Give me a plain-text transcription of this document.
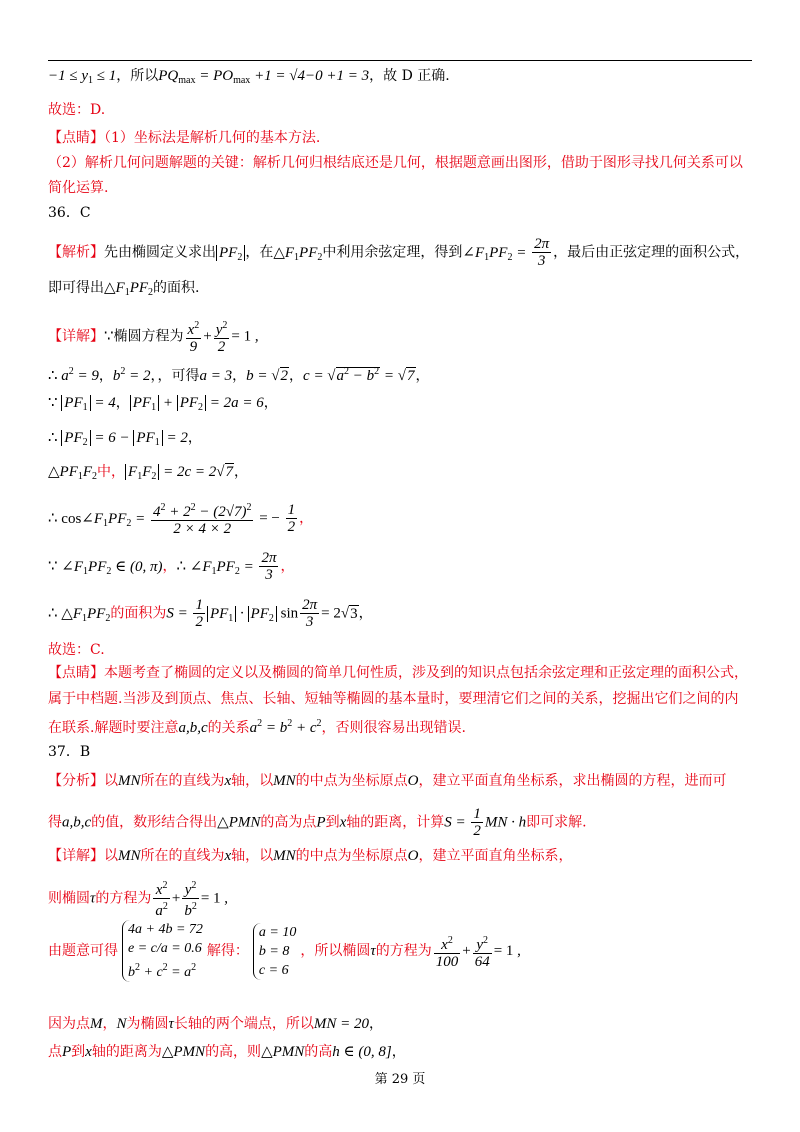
$-1 \le y_1 \le 1$，所以$PQ_{max} = PO_{max} +1 = √4-0 +1 = 3$，故 D 正确.
故选：D.
【点睛】（1）坐标法是解析几何的基本方法.
（2）解析几何问题解题的关键：解析几何归根结底还是几何，根据题意画出图形，借助于图形寻找几何关系可以
简化运算.
36．C
【解析】先由椭圆定义求出 $PF_2$ ，在$\triangle F_1PF_2$中利用余弦定理，得到$\angle F_1PF_2 = \frac{2\pi}{3}$ ，最后由正弦定理的面积公式，
即可得出$\triangle F_1PF_2$的面积.
【详解】∵椭圆方程为 $\frac{x^2}{9} + \frac{y^2}{2} = 1$ ,
∴ $a^2 = 9$，$b^2 = 2$，，可得a = 3，b = √2，$c = √a^2 - b^2 = √7$，
∵ $PF_1 = 4$， $PF_1 + PF_2 = 2a = 6$，
∴ $PF_2 = 6 - PF_1 = 2$，
$\triangle PF_1F_2$中， $F_1F_2 = 2c = 2√7$，
∴ $\cos\angle F_1PF_2 = \frac{4^2 + 2^2 - (2√7)^2}{2 \times 4 \times 2}$ = − $\frac{1}{2}$ ，
∵ $\angle F_1PF_2$ ∈ (0, π)，∴ $\angle F_1PF_2 = \frac{2\pi}{3}$ ，
∴ $\triangle F_1PF_2$的面积为$S = \frac{1}{2} PF_1 \cdot PF_2$ $\sin \frac{2\pi}{3} = 2√3$，
故选：C.
【点睛】本题考查了椭圆的定义以及椭圆的简单几何性质，涉及到的知识点包括余弦定理和正弦定理的面积公式，
属于中档题.当涉及到顶点、焦点、长轴、短轴等椭圆的基本量时，要理清它们之间的关系，挖掘出它们之间的内
在联系.解题时要注意a,b,c的关系$a^2 = b^2 + c^2$，否则很容易出现错误.
37．B
【分析】以MN所在的直线为x轴，以MN的中点为坐标原点O，建立平面直角坐标系，求出椭圆的方程，进而可
得a,b,c的值，数形结合得出△PMN的高为点P到x轴的距离，计算$S = \frac{1}{2}$ MN · h即可求解.
【详解】以MN所在的直线为x轴，以MN的中点为坐标原点O，建立平面直角坐标系，
则椭圆τ的方程为 $\frac{x^2}{a^2} + \frac{y^2}{b^2} = 1$ ,
由题意可得
4a + 4b = 72
e = c/a = 0.6
$b^2 + c^2 = a^2$
解得：
a = 10
b = 8
c = 6
，所以椭圆τ的方程为 $\frac{x^2}{100} + \frac{y^2}{64} = 1$ ,
因为点M，N为椭圆τ长轴的两个端点，所以MN = 20，
点P到x轴的距离为△PMN的高，则△PMN的高h ∈ (0, 8]，
第 29 页
